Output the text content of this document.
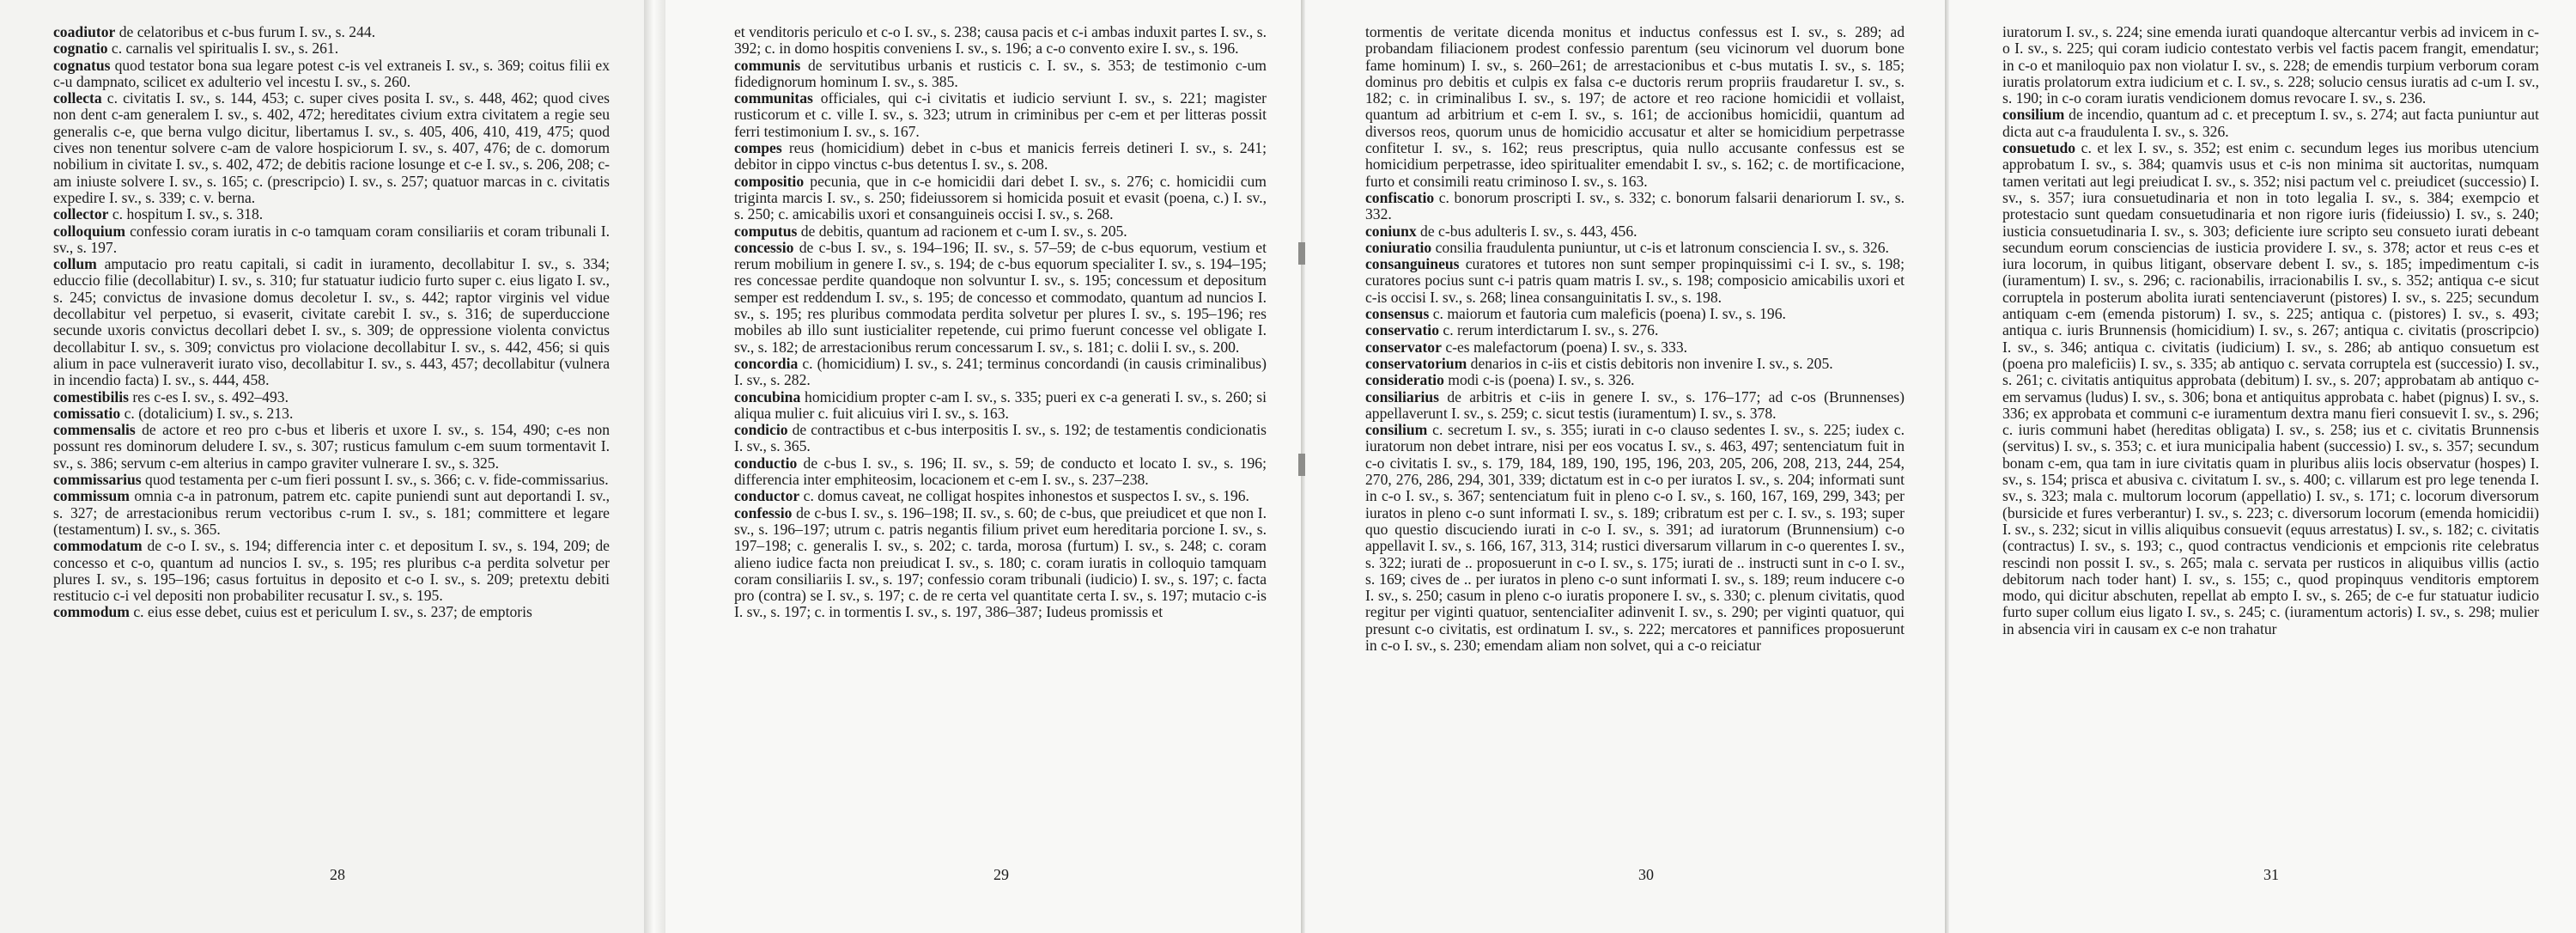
coadiutor de celatoribus et c-bus furum I. sv., s. 244.

cognatio c. carnalis vel spiritualis I. sv., s. 261.

cognatus quod testator bona sua legare potest c-is vel extraneis I. sv., s. 369; coitus filii ex c-u dampnato, scilicet ex adulterio vel incestu I. sv., s. 260.

collecta c. civitatis I. sv., s. 144, 453; c. super cives posita I. sv., s. 448, 462; quod cives non dent c-am generalem I. sv., s. 402, 472; hereditates civium extra civitatem a regie seu generalis c-e, que berna vulgo dicitur, libertamus I. sv., s. 405, 406, 410, 419, 475; quod cives non tenentur solvere c-am de valore hospiciorum I. sv., s. 407, 476; de c. domorum nobilium in civitate I. sv., s. 402, 472; de debitis racione losunge et c-e I. sv., s. 206, 208; c-am iniuste solvere I. sv., s. 165; c. (prescripcio) I. sv., s. 257; quatuor marcas in c. civitatis expedire I. sv., s. 339; c. v. berna.

collector c. hospitum I. sv., s. 318.

colloquium confessio coram iuratis in c-o tamquam coram consiliariis et coram tribunali I. sv., s. 197.

collum amputacio pro reatu capitali, si cadit in iuramento, decollabitur I. sv., s. 334; educcio filie (decollabitur) I. sv., s. 310; fur statuatur iudicio furto super c. eius ligato I. sv., s. 245; convictus de invasione domus decoletur I. sv., s. 442; raptor virginis vel vidue decollabitur vel perpetuo, si evaserit, civitate carebit I. sv., s. 316; de superduccione secunde uxoris convictus decollari debet I. sv., s. 309; de oppressione violenta convictus decollabitur I. sv., s. 309; convictus pro violacione decollabitur I. sv., s. 442, 456; si quis alium in pace vulneraverit iurato viso, decollabitur I. sv., s. 443, 457; decollabitur (vulnera in incendio facta) I. sv., s. 444, 458.

comestibilis res c-es I. sv., s. 492–493.

comissatio c. (dotalicium) I. sv., s. 213.

commensalis de actore et reo pro c-bus et liberis et uxore I. sv., s. 154, 490; c-es non possunt res dominorum deludere I. sv., s. 307; rusticus famulum c-em suum tormentavit I. sv., s. 386; servum c-em alterius in campo graviter vulnerare I. sv., s. 325.

commissarius quod testamenta per c-um fieri possunt I. sv., s. 366; c. v. fide-commissarius.

commissum omnia c-a in patronum, patrem etc. capite puniendi sunt aut deportandi I. sv., s. 327; de arrestacionibus rerum vectoribus c-rum I. sv., s. 181; committere et legare (testamentum) I. sv., s. 365.

commodatum de c-o I. sv., s. 194; differencia inter c. et depositum I. sv., s. 194, 209; de concesso et c-o, quantum ad nuncios I. sv., s. 195; res pluribus c-a perdita solvetur per plures I. sv., s. 195–196; casus fortuitus in deposito et c-o I. sv., s. 209; pretextu debiti restitucio c-i vel depositi non probabiliter recusatur I. sv., s. 195.

commodum c. eius esse debet, cuius est et periculum I. sv., s. 237; de emptoris

28

et venditoris periculo et c-o I. sv., s. 238; causa pacis et c-i ambas induxit partes I. sv., s. 392; c. in domo hospitis conveniens I. sv., s. 196; a c-o convento exire I. sv., s. 196.

communis de servitutibus urbanis et rusticis c. I. sv., s. 353; de testimonio c-um fidedignorum hominum I. sv., s. 385.

communitas officiales, qui c-i civitatis et iudicio serviunt I. sv., s. 221; magister rusticorum et c. ville I. sv., s. 323; utrum in criminibus per c-em et per litteras possit ferri testimonium I. sv., s. 167.

compes reus (homicidium) debet in c-bus et manicis ferreis detineri I. sv., s. 241; debitor in cippo vinctus c-bus detentus I. sv., s. 208.

compositio pecunia, que in c-e homicidii dari debet I. sv., s. 276; c. homicidii cum triginta marcis I. sv., s. 250; fideiussorem si homicida posuit et evasit (poena, c.) I. sv., s. 250; c. amicabilis uxori et consanguineis occisi I. sv., s. 268.

computus de debitis, quantum ad racionem et c-um I. sv., s. 205.

concessio de c-bus I. sv., s. 194–196; II. sv., s. 57–59; de c-bus equorum, vestium et rerum mobilium in genere I. sv., s. 194; de c-bus equorum specialiter I. sv., s. 194–195; res concessae perdite quandoque non solvuntur I. sv., s. 195; concessum et depositum semper est reddendum I. sv., s. 195; de concesso et commodato, quantum ad nuncios I. sv., s. 195; res pluribus commodata perdita solvetur per plures I. sv., s. 195–196; res mobiles ab illo sunt iusticialiter repetende, cui primo fuerunt concesse vel obligate I. sv., s. 182; de arrestacionibus rerum concessarum I. sv., s. 181; c. dolii I. sv., s. 200.

concordia c. (homicidium) I. sv., s. 241; terminus concordandi (in causis criminalibus) I. sv., s. 282.

concubina homicidium propter c-am I. sv., s. 335; pueri ex c-a generati I. sv., s. 260; si aliqua mulier c. fuit alicuius viri I. sv., s. 163.

condicio de contractibus et c-bus interpositis I. sv., s. 192; de testamentis condicionatis I. sv., s. 365.

conductio de c-bus I. sv., s. 196; II. sv., s. 59; de conducto et locato I. sv., s. 196; differencia inter emphiteosim, locacionem et c-em I. sv., s. 237–238.

conductor c. domus caveat, ne colligat hospites inhonestos et suspectos I. sv., s. 196.

confessio de c-bus I. sv., s. 196–198; II. sv., s. 60; de c-bus, que preiudicet et que non I. sv., s. 196–197; utrum c. patris negantis filium privet eum hereditaria porcione I. sv., s. 197–198; c. generalis I. sv., s. 202; c. tarda, morosa (furtum) I. sv., s. 248; c. coram alieno iudice facta non preiudicat I. sv., s. 180; c. coram iuratis in colloquio tamquam coram consiliariis I. sv., s. 197; confessio coram tribunali (iudicio) I. sv., s. 197; c. facta pro (contra) se I. sv., s. 197; c. de re certa vel quantitate certa I. sv., s. 197; mutacio c-is I. sv., s. 197; c. in tormentis I. sv., s. 197, 386–387; Iudeus promissis et

29

tormentis de veritate dicenda monitus et inductus confessus est I. sv., s. 289; ad probandam filiacionem prodest confessio parentum (seu vicinorum vel duorum bone fame hominum) I. sv., s. 260–261; de arrestacionibus et c-bus mutatis I. sv., s. 185; dominus pro debitis et culpis ex falsa c-e ductoris rerum propriis fraudaretur I. sv., s. 182; c. in criminalibus I. sv., s. 197; de actore et reo racione homicidii et vollaist, quantum ad arbitrium et c-em I. sv., s. 161; de accionibus homicidii, quantum ad diversos reos, quorum unus de homicidio accusatur et alter se homicidium perpetrasse confitetur I. sv., s. 162; reus prescriptus, quia nullo accusante confessus est se homicidium perpetrasse, ideo spiritualiter emendabit I. sv., s. 162; c. de mortificacione, furto et consimili reatu criminoso I. sv., s. 163.

confiscatio c. bonorum proscripti I. sv., s. 332; c. bonorum falsarii denariorum I. sv., s. 332.

coniunx de c-bus adulteris I. sv., s. 443, 456.

coniuratio consilia fraudulenta puniuntur, ut c-is et latronum consciencia I. sv., s. 326.

consanguineus curatores et tutores non sunt semper propinquissimi c-i I. sv., s. 198; curatores pocius sunt c-i patris quam matris I. sv., s. 198; composicio amicabilis uxori et c-is occisi I. sv., s. 268; linea consanguinitatis I. sv., s. 198.

consensus c. maiorum et fautoria cum maleficis (poena) I. sv., s. 196.

conservatio c. rerum interdictarum I. sv., s. 276.

conservator c-es malefactorum (poena) I. sv., s. 333.

conservatorium denarios in c-iis et cistis debitoris non invenire I. sv., s. 205.

consideratio modi c-is (poena) I. sv., s. 326.

consiliarius de arbitris et c-iis in genere I. sv., s. 176–177; ad c-os (Brunnenses) appellaverunt I. sv., s. 259; c. sicut testis (iuramentum) I. sv., s. 378.

consilium c. secretum I. sv., s. 355; iurati in c-o clauso sedentes I. sv., s. 225; iudex c. iuratorum non debet intrare, nisi per eos vocatus I. sv., s. 463, 497; sentenciatum fuit in c-o civitatis I. sv., s. 179, 184, 189, 190, 195, 196, 203, 205, 206, 208, 213, 244, 254, 270, 276, 286, 294, 301, 339; dictatum est in c-o per iuratos I. sv., s. 204; informati sunt in c-o I. sv., s. 367; sentenciatum fuit in pleno c-o I. sv., s. 160, 167, 169, 299, 343; per iuratos in pleno c-o sunt informati I. sv., s. 189; cribratum est per c. I. sv., s. 193; super quo questio discuciendo iurati in c-o I. sv., s. 391; ad iuratorum (Brunnensium) c-o appellavit I. sv., s. 166, 167, 313, 314; rustici diversarum villarum in c-o querentes I. sv., s. 322; iurati de .. proposuerunt in c-o I. sv., s. 175; iurati de .. instructi sunt in c-o I. sv., s. 169; cives de .. per iuratos in pleno c-o sunt informati I. sv., s. 189; reum inducere c-o I. sv., s. 250; casum in pleno c-o iuratis proponere I. sv., s. 330; c. plenum civitatis, quod regitur per viginti quatuor, sentenciaIiter adinvenit I. sv., s. 290; per viginti quatuor, qui presunt c-o civitatis, est ordinatum I. sv., s. 222; mercatores et pannifices proposuerunt in c-o I. sv., s. 230; emendam aliam non solvet, qui a c-o reiciatur

30

iuratorum I. sv., s. 224; sine emenda iurati quandoque altercantur verbis ad invicem in c-o I. sv., s. 225; qui coram iudicio contestato verbis vel factis pacem frangit, emendatur; in c-o et maniloquio pax non violatur I. sv., s. 228; de emendis turpium verborum coram iuratis prolatorum extra iudicium et c. I. sv., s. 228; solucio census iuratis ad c-um I. sv., s. 190; in c-o coram iuratis vendicionem domus revocare I. sv., s. 236.

consilium de incendio, quantum ad c. et preceptum I. sv., s. 274; aut facta puniuntur aut dicta aut c-a fraudulenta I. sv., s. 326.

consuetudo c. et lex I. sv., s. 352; est enim c. secundum leges ius moribus utencium approbatum I. sv., s. 384; quamvis usus et c-is non minima sit auctoritas, numquam tamen veritati aut legi preiudicat I. sv., s. 352; nisi pactum vel c. preiudicet (successio) I. sv., s. 357; iura consuetudinaria et non in toto legalia I. sv., s. 384; exempcio et protestacio sunt quedam consuetudinaria et non rigore iuris (fideiussio) I. sv., s. 240; iusticia consuetudinaria I. sv., s. 303; deficiente iure scripto seu consueto iurati debeant secundum eorum consciencias de iusticia providere I. sv., s. 378; actor et reus c-es et iura locorum, in quibus litigant, observare debent I. sv., s. 185; impedimentum c-is (iuramentum) I. sv., s. 296; c. racionabilis, irracionabilis I. sv., s. 352; antiqua c-e sicut corruptela in posterum abolita iurati sentenciaverunt (pistores) I. sv., s. 225; secundum antiquam c-em (emenda pistorum) I. sv., s. 225; antiqua c. (pistores) I. sv., s. 493; antiqua c. iuris Brunnensis (homicidium) I. sv., s. 267; antiqua c. civitatis (proscripcio) I. sv., s. 346; antiqua c. civitatis (iudicium) I. sv., s. 286; ab antiquo consuetum est (poena pro maleficiis) I. sv., s. 335; ab antiquo c. servata corruptela est (successio) I. sv., s. 261; c. civitatis antiquitus approbata (debitum) I. sv., s. 207; approbatam ab antiquo c-em servamus (ludus) I. sv., s. 306; bona et antiquitus approbata c. habet (pignus) I. sv., s. 336; ex approbata et communi c-e iuramentum dextra manu fieri consuevit I. sv., s. 296; c. iuris communi habet (hereditas obligata) I. sv., s. 258; ius et c. civitatis Brunnensis (servitus) I. sv., s. 353; c. et iura municipalia habent (successio) I. sv., s. 357; secundum bonam c-em, qua tam in iure civitatis quam in pluribus aliis locis observatur (hospes) I. sv., s. 154; prisca et abusiva c. civitatum I. sv., s. 400; c. villarum est pro lege tenenda I. sv., s. 323; mala c. multorum locorum (appellatio) I. sv., s. 171; c. locorum diversorum (bursicide et fures verberantur) I. sv., s. 223; c. diversorum locorum (emenda homicidii) I. sv., s. 232; sicut in villis aliquibus consuevit (equus arrestatus) I. sv., s. 182; c. civitatis (contractus) I. sv., s. 193; c., quod contractus vendicionis et empcionis rite celebratus rescindi non possit I. sv., s. 265; mala c. servata per rusticos in aliquibus villis (actio debitorum nach toder hant) I. sv., s. 155; c., quod propinquus venditoris emptorem modo, qui dicitur abschuten, repellat ab empto I. sv., s. 265; de c-e fur statuatur iudicio furto super collum eius ligato I. sv., s. 245; c. (iuramentum actoris) I. sv., s. 298; mulier in absencia viri in causam ex c-e non trahatur

31
